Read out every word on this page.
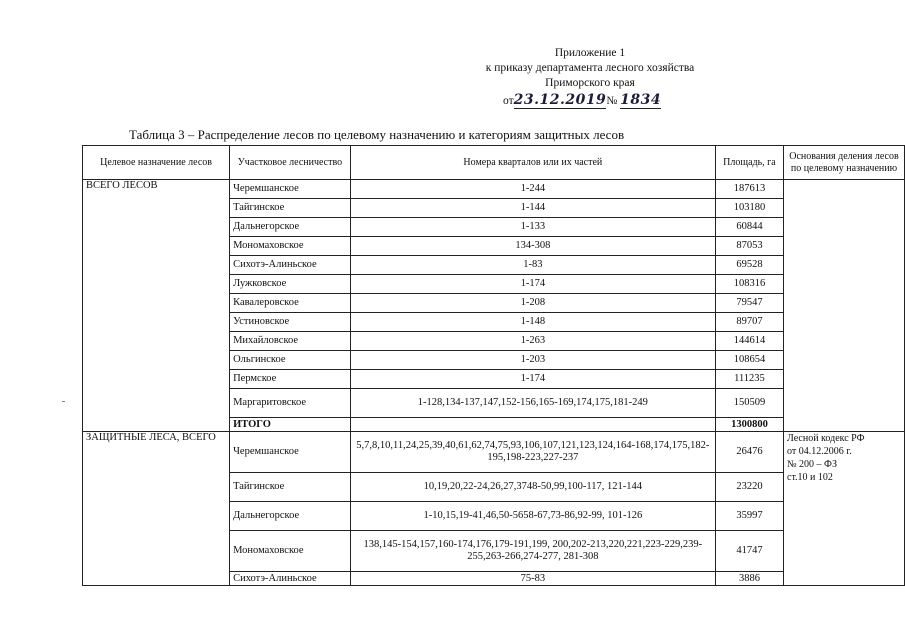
Приложение 1
к приказу департамента лесного хозяйства
Приморского края
от23.12.2019№ 1834
Таблица 3 – Распределение лесов по целевому назначению и категориям защитных лесов
Целевое назначение лесов	Участковое лесничество	Номера кварталов или их частей	Площадь, га	Основания деления лесов по целевому назначению
ВСЕГО ЛЕСОВ	Черемшанское	1-244	187613	
	Тайгинское	1-144	103180	
	Дальнегорское	1-133	60844	
	Мономаховское	134-308	87053	
	Сихотэ-Алиньское	1-83	69528	
	Лужковское	1-174	108316	
	Кавалеровское	1-208	79547	
	Устиновское	1-148	89707	
	Михайловское	1-263	144614	
	Ольгинское	1-203	108654	
	Пермское	1-174	111235	
	Маргаритовское	1-128,134-137,147,152-156,165-169,174,175,181-249	150509	
	ИТОГО		1300800	
ЗАЩИТНЫЕ ЛЕСА, ВСЕГО	Черемшанское	5,7,8,10,11,24,25,39,40,61,62,74,75,93,106,107,121,123,124,164-168,174,175,182-195,198-223,227-237	26476	Лесной кодекс РФ
от 04.12.2006 г.
№ 200 – ФЗ
ст.10 и 102

	Тайгинское	10,19,20,22-24,26,27,3748-50,99,100-117, 121-144	23220	
	Дальнегорское	1-10,15,19-41,46,50-5658-67,73-86,92-99, 101-126	35997	
	Мономаховское	138,145-154,157,160-174,176,179-191,199, 200,202-213,220,221,223-229,239-255,263-266,274-277, 281-308	41747	
	Сихотэ-Алиньское	75-83	3886	
